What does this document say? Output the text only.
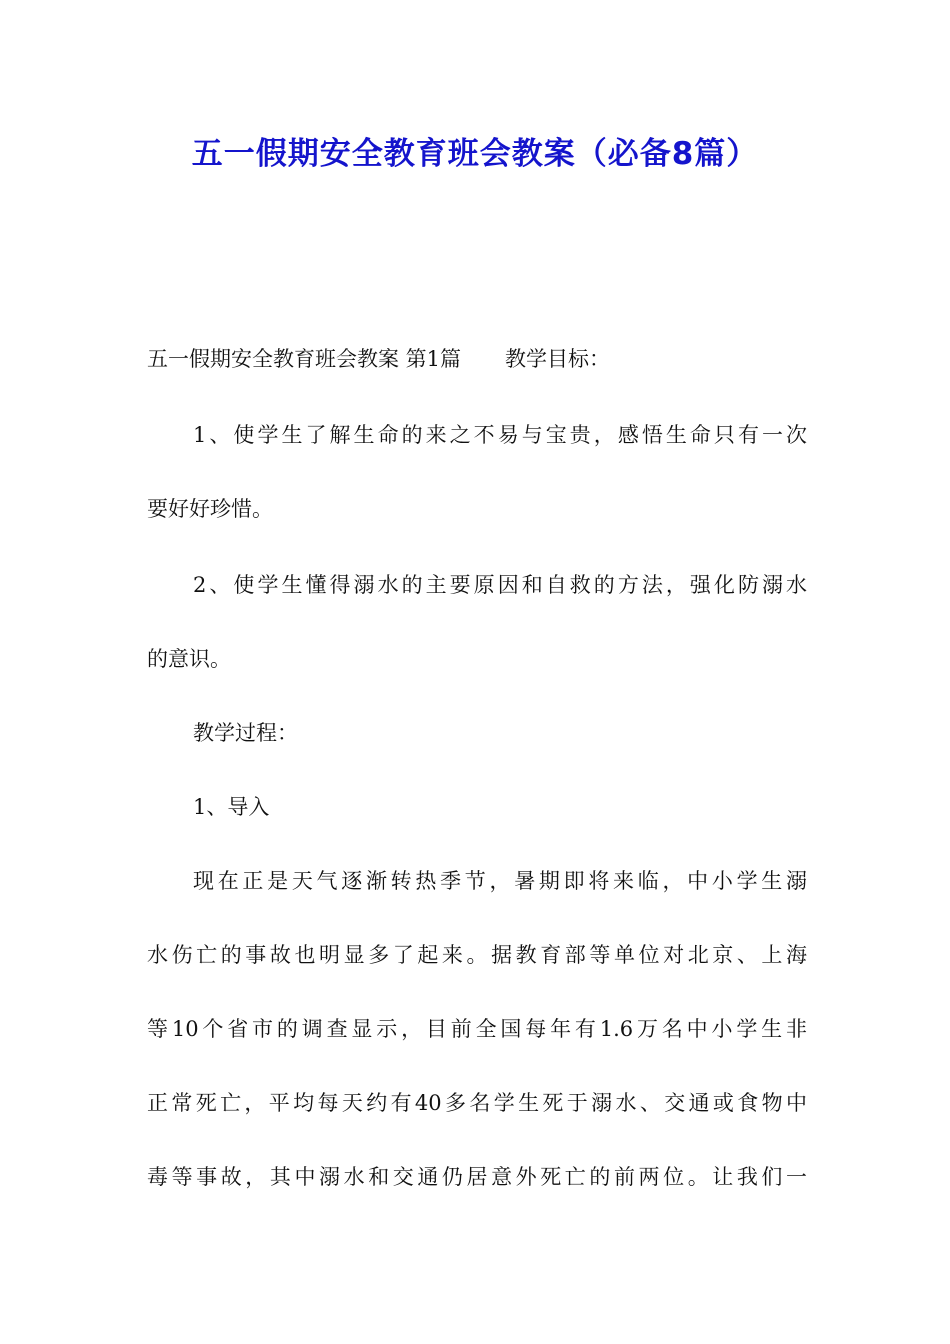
五一假期安全教育班会教案（必备8篇）

五一假期安全教育班会教案 第1篇 教学目标：

1、使学生了解生命的来之不易与宝贵，感悟生命只有一次

要好好珍惜。

2、使学生懂得溺水的主要原因和自救的方法，强化防溺水

的意识。

教学过程：

1、导入

现在正是天气逐渐转热季节，暑期即将来临，中小学生溺

水伤亡的事故也明显多了起来。据教育部等单位对北京、上海

等10个省市的调查显示，目前全国每年有1.6万名中小学生非

正常死亡，平均每天约有40多名学生死于溺水、交通或食物中

毒等事故，其中溺水和交通仍居意外死亡的前两位。让我们一
